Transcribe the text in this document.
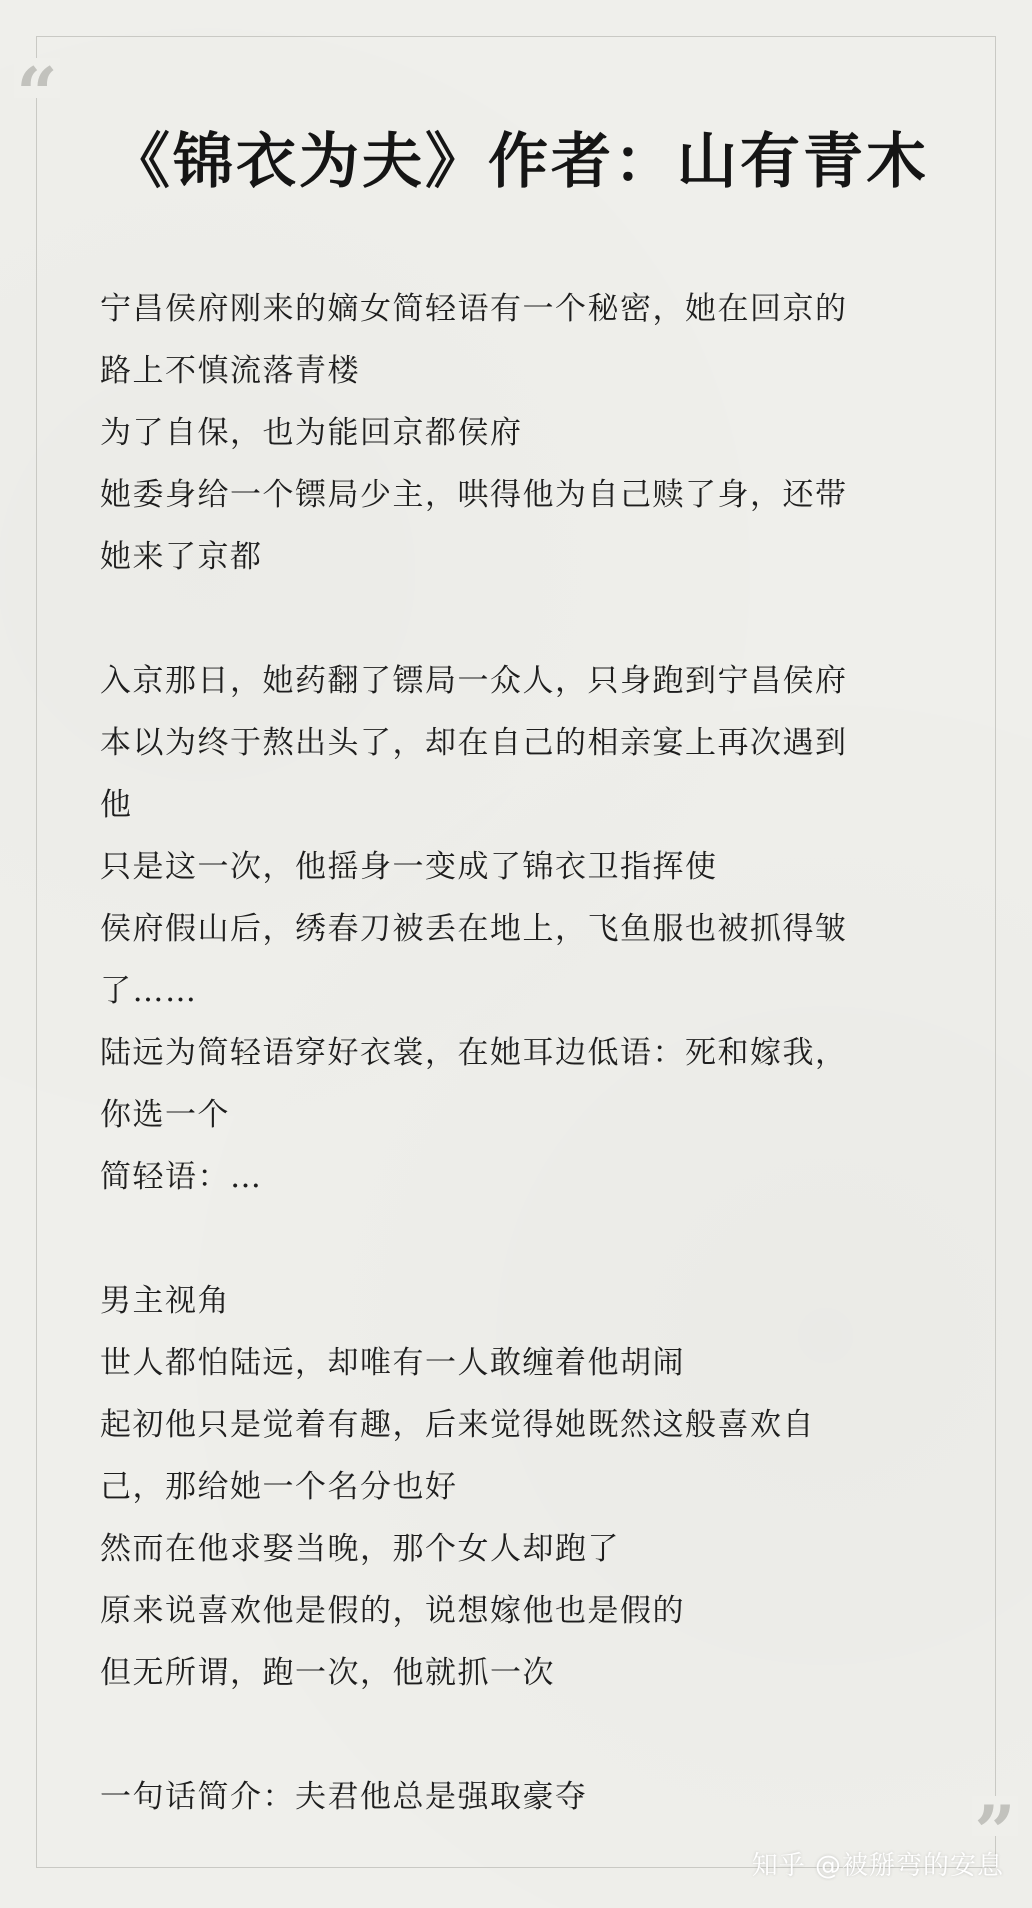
“
”
《锦衣为夫》作者：山有青木

宁昌侯府刚来的嫡女简轻语有一个秘密，她在回京的

路上不慎流落青楼

为了自保，也为能回京都侯府

她委身给一个镖局少主，哄得他为自己赎了身，还带

她来了京都

入京那日，她药翻了镖局一众人，只身跑到宁昌侯府

本以为终于熬出头了，却在自己的相亲宴上再次遇到

他

只是这一次，他摇身一变成了锦衣卫指挥使

侯府假山后，绣春刀被丢在地上，飞鱼服也被抓得皱

了……

陆远为简轻语穿好衣裳，在她耳边低语：死和嫁我，

你选一个

简轻语：…

男主视角

世人都怕陆远，却唯有一人敢缠着他胡闹

起初他只是觉着有趣，后来觉得她既然这般喜欢自

己，那给她一个名分也好

然而在他求娶当晚，那个女人却跑了

原来说喜欢他是假的，说想嫁他也是假的

但无所谓，跑一次，他就抓一次

一句话简介：夫君他总是强取豪夺

知乎 @被掰弯的安息
